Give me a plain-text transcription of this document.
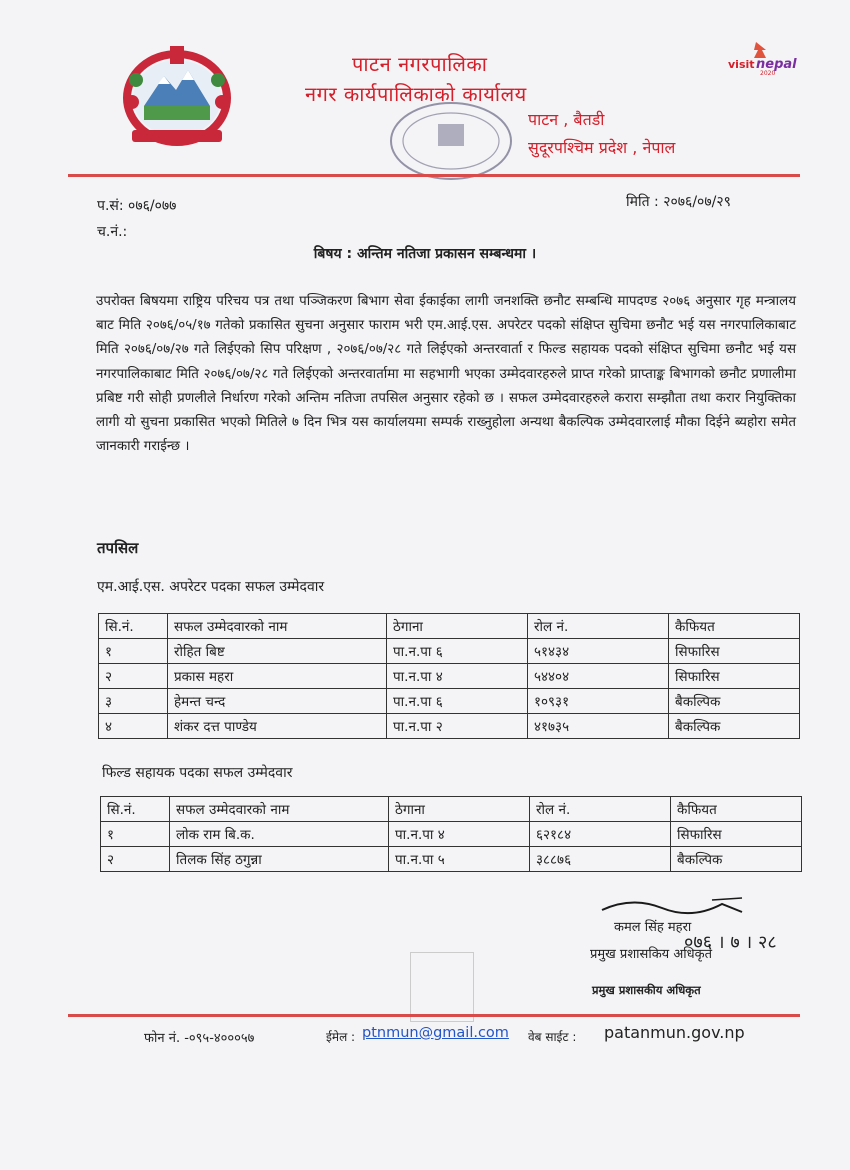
पाटन नगरपालिका
नगर कार्यपालिकाको कार्यालय
पाटन , बैतडी
सुदूरपश्चिम प्रदेश , नेपाल
visit nepal
2020
प.सं: ०७६/०७७
च.नं.:
मिति : २०७६/०७/२९
बिषय : अन्तिम नतिजा प्रकासन सम्बन्धमा ।
उपरोक्त बिषयमा राष्ट्रिय परिचय पत्र तथा पञ्जिकरण बिभाग सेवा ईकाईका लागी जनशक्ति छनौट सम्बन्धि मापदण्ड २०७६ अनुसार गृह मन्त्रालय बाट मिति २०७६/०५/१७ गतेको प्रकासित सुचना अनुसार फाराम भरी एम.आई.एस. अपरेटर पदको संक्षिप्त सुचिमा छनौट भई यस नगरपालिकाबाट मिति २०७६/०७/२७ गते लिईएको सिप परिक्षण , २०७६/०७/२८ गते लिईएको अन्तरवार्ता र फिल्ड सहायक पदको संक्षिप्त सुचिमा छनौट भई यस नगरपालिकाबाट मिति २०७६/०७/२८ गते लिईएको अन्तरवार्तामा मा सहभागी भएका उम्मेदवारहरुले प्राप्त गरेको प्राप्ताङ्क बिभागको छनौट प्रणालीमा प्रबिष्ट गरी सोही प्रणलीले निर्धारण गरेको अन्तिम नतिजा तपसिल अनुसार रहेको छ । सफल उम्मेदवारहरुले करारा सम्झौता तथा करार नियुक्तिका लागी यो सुचना प्रकासित भएको मितिले ७ दिन भित्र यस कार्यालयमा सम्पर्क राख्नुहोला अन्यथा बैकल्पिक उम्मेदवारलाई मौका दिईने ब्यहोरा समेत जानकारी गराईन्छ ।
तपसिल
एम.आई.एस. अपरेटर पदका सफल उम्मेदवार
सि.नं.	सफल उम्मेदवारको नाम	ठेगाना	रोल नं.	कैफियत
१	रोहित बिष्ट	पा.न.पा ६	५१४३४	सिफारिस
२	प्रकास महरा	पा.न.पा ४	५४४०४	सिफारिस
३	हेमन्त चन्द	पा.न.पा ६	१०९३१	बैकल्पिक
४	शंकर दत्त पाण्डेय	पा.न.पा २	४१७३५	बैकल्पिक
फिल्ड सहायक पदका सफल उम्मेदवार
सि.नं.	सफल उम्मेदवारको नाम	ठेगाना	रोल नं.	कैफियत
१	लोक राम बि.क.	पा.न.पा ४	६२१८४	सिफारिस
२	तिलक सिंह ठगुन्ना	पा.न.पा ५	३८८७६	बैकल्पिक
कमल सिंह महरा
०७६ । ७ । २८
प्रमुख प्रशासकिय अधिकृत
प्रमुख प्रशासकीय अधिकृत
फोन नं. -०९५-४०००५७	ईमेल : ptnmun@gmail.com वेब साईट : patanmun.gov.np
